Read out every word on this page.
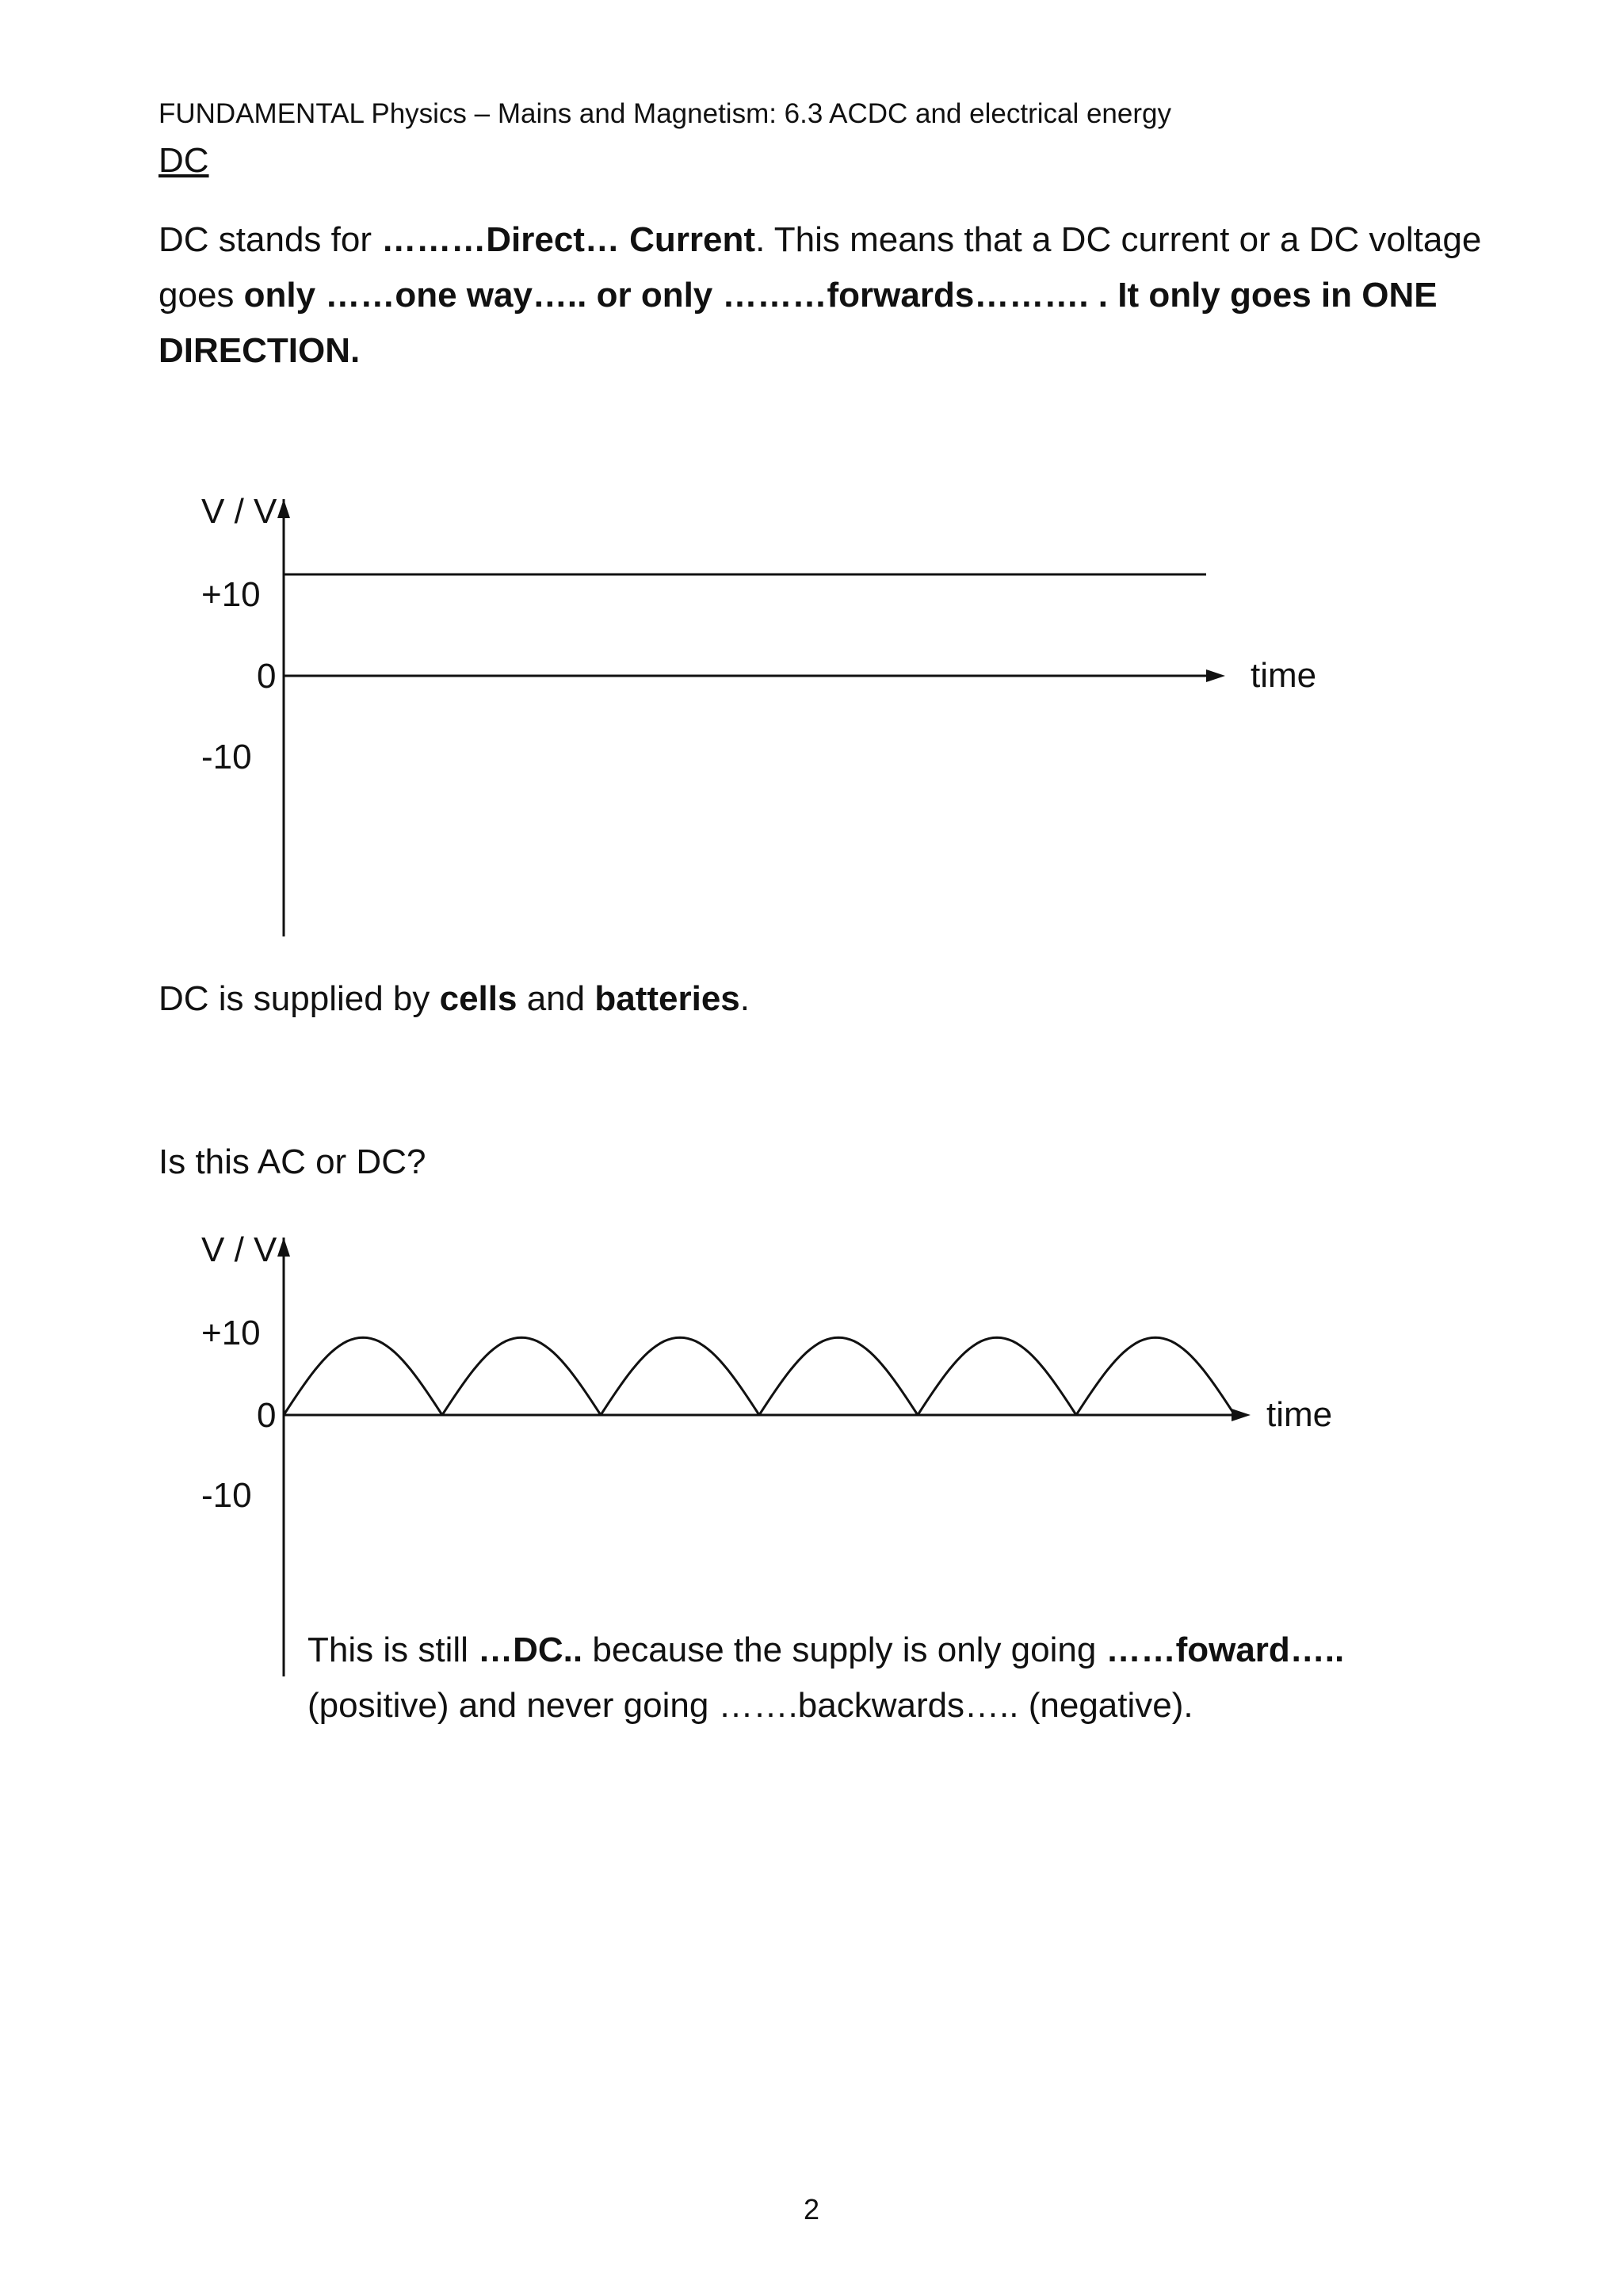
FUNDAMENTAL Physics – Mains and Magnetism: 6.3 ACDC and electrical energy
DC
DC stands for ………Direct… Current. This means that a DC current or a DC voltage
goes only ……one way….. or only ………forwards………. . It only goes in ONE
DIRECTION.
V / V
+10
0
-10
time
DC is supplied by cells and batteries.
Is this AC or DC?
V / V
+10
0
-10
time
This is still …DC.. because the supply is only going ……foward…..
(positive) and never going …….backwards….. (negative).
2
